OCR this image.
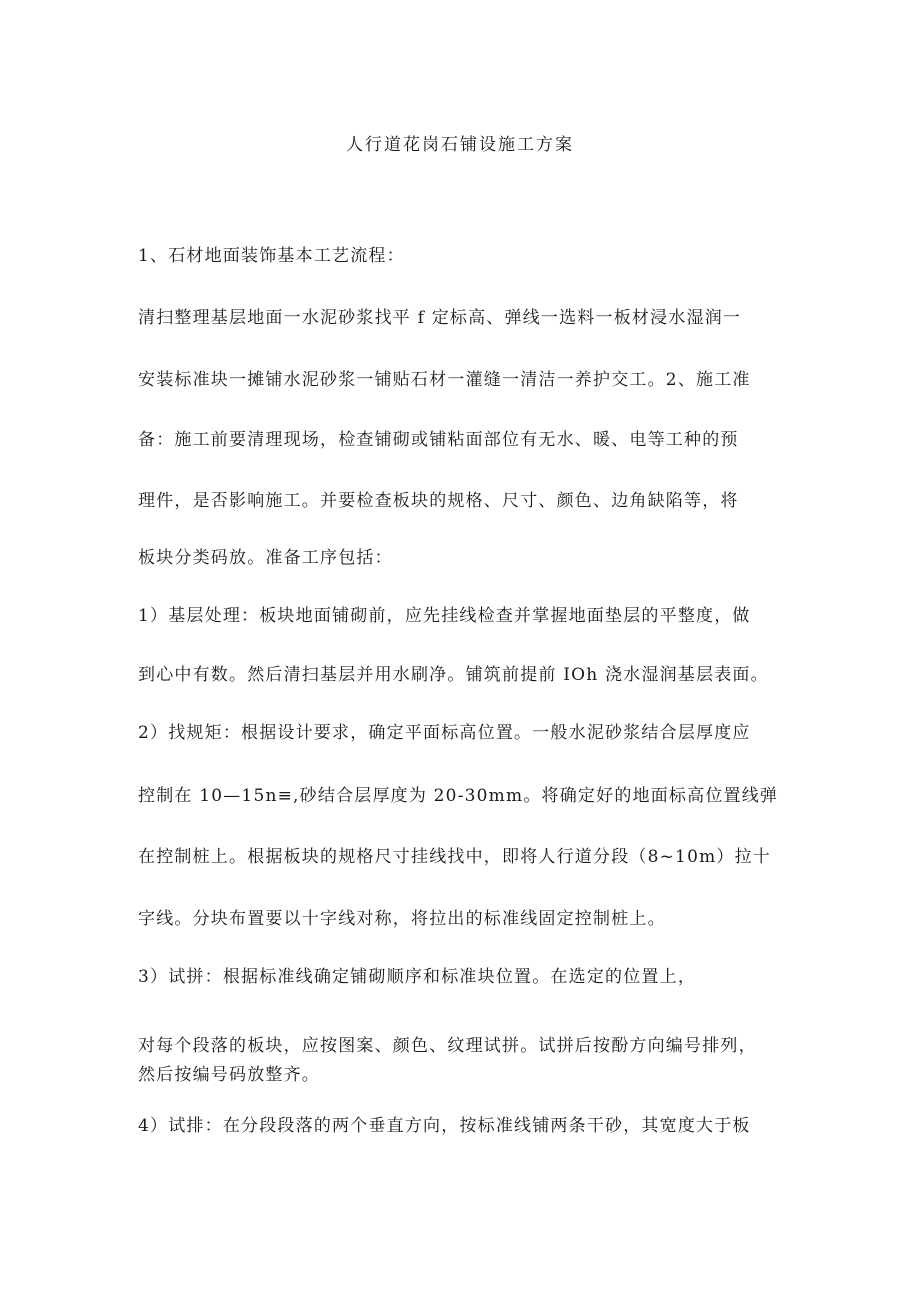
人行道花岗石铺设施工方案
1、石材地面装饰基本工艺流程：
清扫整理基层地面一水泥砂浆找平 f 定标高、弹线一选料一板材浸水湿润一
安装标准块一摊铺水泥砂浆一铺贴石材一灌缝一清洁一养护交工。2、施工准
备：施工前要清理现场，检查铺砌或铺粘面部位有无水、暖、电等工种的预
理件，是否影响施工。并要检查板块的规格、尺寸、颜色、边角缺陷等，将
板块分类码放。准备工序包括：
1）基层处理：板块地面铺砌前，应先挂线检查并掌握地面垫层的平整度，做
到心中有数。然后清扫基层并用水刷净。铺筑前提前 IOh 浇水湿润基层表面。
2）找规矩：根据设计要求，确定平面标高位置。一般水泥砂浆结合层厚度应
控制在 10—15n≡,砂结合层厚度为 20-30mm。将确定好的地面标高位置线弹
在控制桩上。根据板块的规格尺寸挂线找中，即将人行道分段（8~10m）拉十
字线。分块布置要以十字线对称，将拉出的标准线固定控制桩上。
3）试拼：根据标准线确定铺砌顺序和标准块位置。在选定的位置上，
对每个段落的板块，应按图案、颜色、纹理试拼。试拼后按酚方向编号排列，
然后按编号码放整齐。
4）试排：在分段段落的两个垂直方向，按标准线铺两条干砂，其宽度大于板
